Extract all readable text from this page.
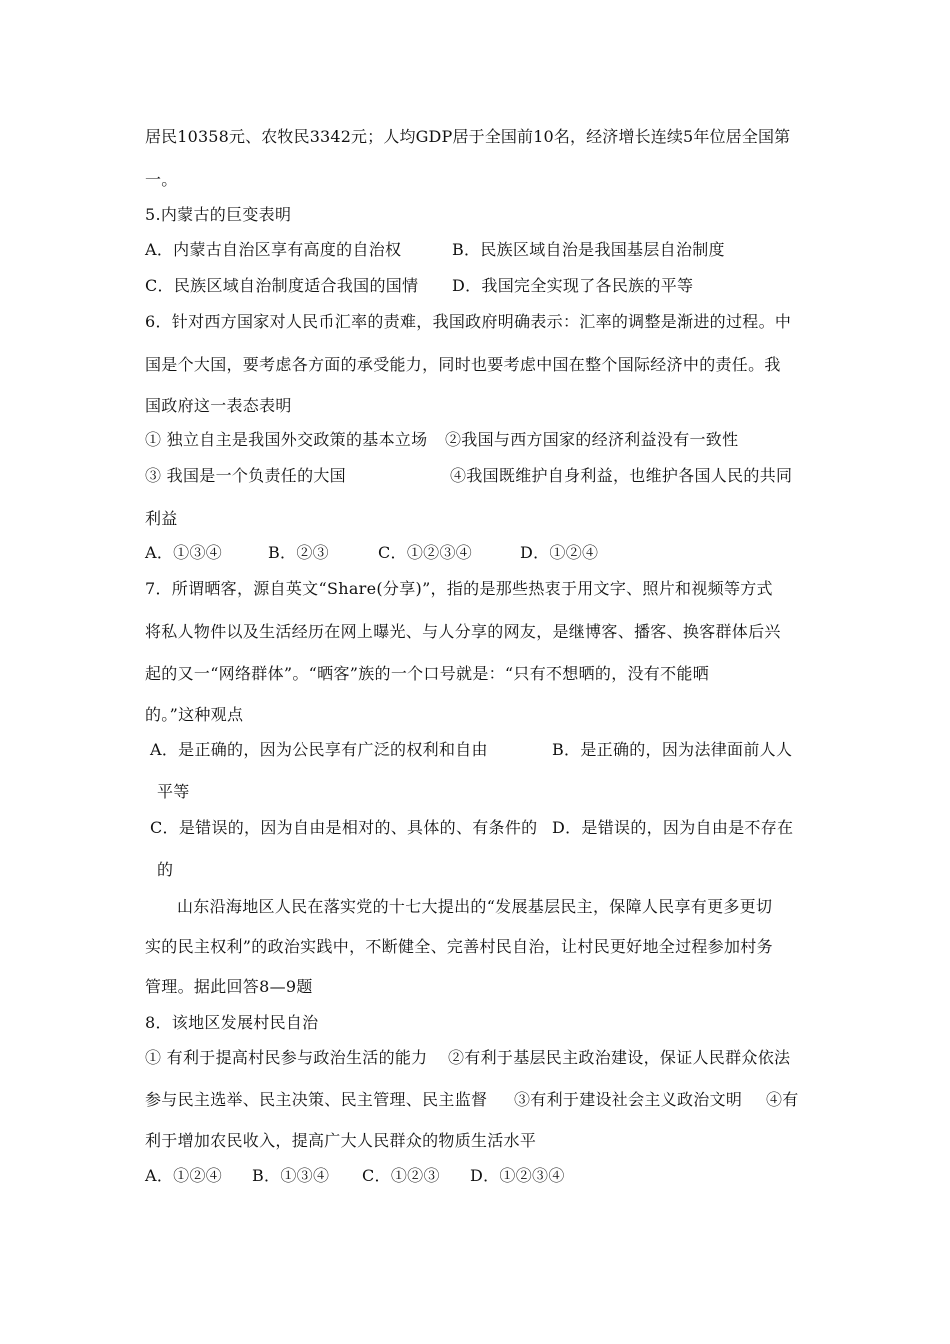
居民10358元、农牧民3342元；人均GDP居于全国前10名，经济增长连续5年位居全国第
一。
5.内蒙古的巨变表明
A．内蒙古自治区享有高度的自治权	B．民族区域自治是我国基层自治制度
C．民族区域自治制度适合我国的国情 D．我国完全实现了各民族的平等
6．针对西方国家对人民币汇率的责难，我国政府明确表示：汇率的调整是渐进的过程。中
国是个大国，要考虑各方面的承受能力，同时也要考虑中国在整个国际经济中的责任。我
国政府这一表态表明
① 独立自主是我国外交政策的基本立场 ②我国与西方国家的经济利益没有一致性
③ 我国是一个负责任的大国	④我国既维护自身利益，也维护各国人民的共同
利益
A．①③④	B．②③	C．①②③④	D．①②④
7．所谓晒客，源自英文“Share(分享)”，指的是那些热衷于用文字、照片和视频等方式
将私人物件以及生活经历在网上曝光、与人分享的网友，是继博客、播客、换客群体后兴
起的又一“网络群体”。“晒客”族的一个口号就是：“只有不想晒的，没有不能晒
的。”这种观点
A．是正确的，因为公民享有广泛的权利和自由	B．是正确的，因为法律面前人人
平等
C．是错误的，因为自由是相对的、具体的、有条件的 D．是错误的，因为自由是不存在
的
山东沿海地区人民在落实党的十七大提出的“发展基层民主，保障人民享有更多更切
实的民主权利”的政治实践中，不断健全、完善村民自治，让村民更好地全过程参加村务
管理。据此回答8—9题
8．该地区发展村民自治
① 有利于提高村民参与政治生活的能力 ②有利于基层民主政治建设，保证人民群众依法
参与民主选举、民主决策、民主管理、民主监督 ③有利于建设社会主义政治文明 ④有
利于增加农民收入，提高广大人民群众的物质生活水平
A．①②④ B．①③④ C．①②③ D．①②③④
